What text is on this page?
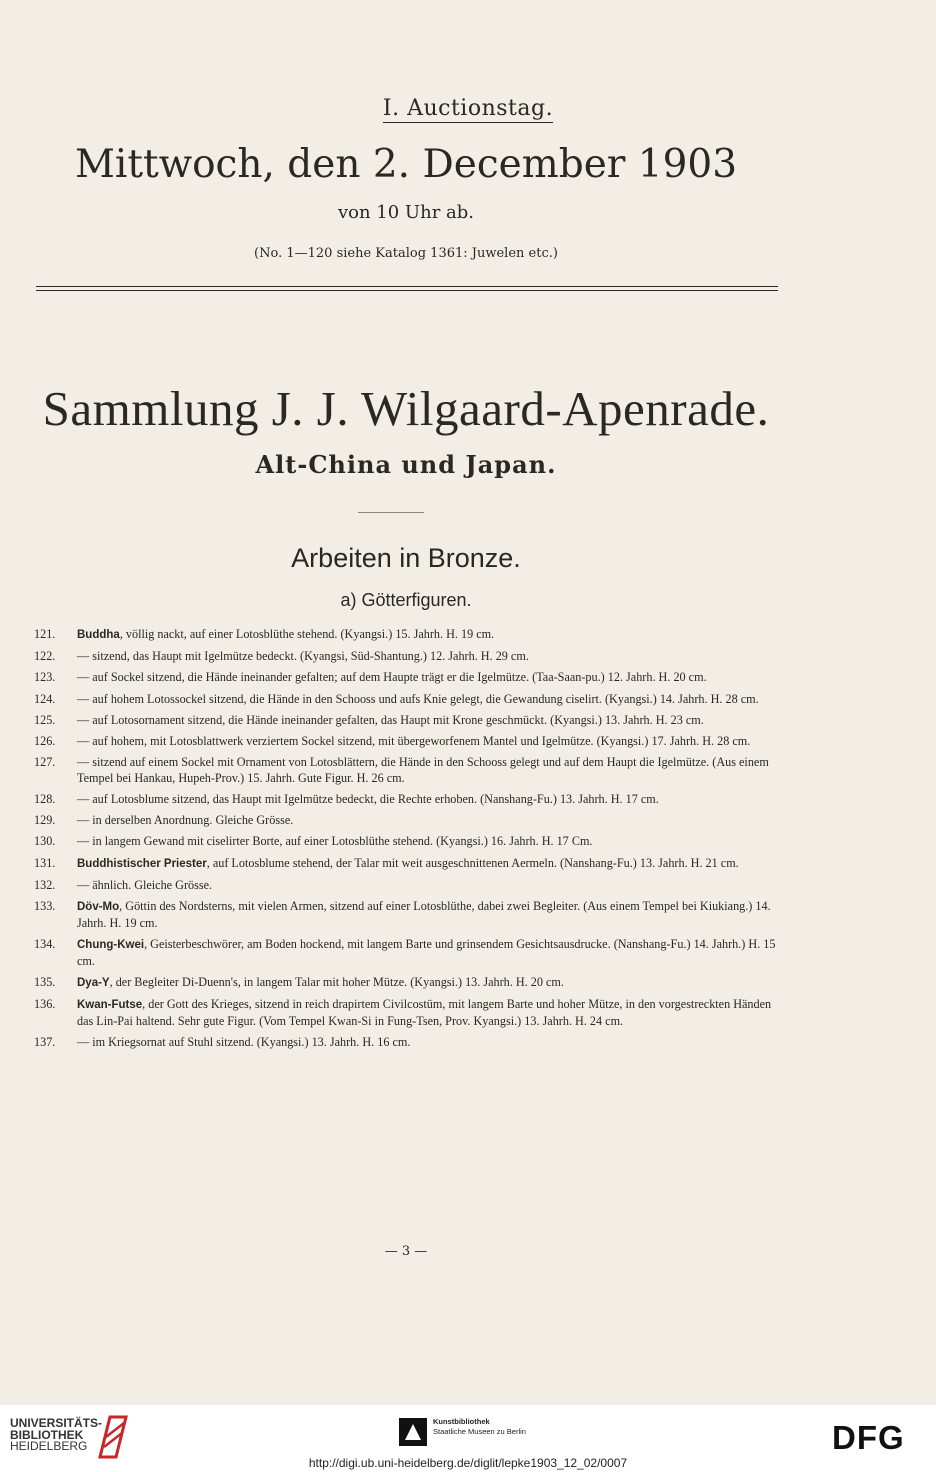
I. Auctionstag.
Mittwoch, den 2. December 1903
von 10 Uhr ab.
(No. 1—120 siehe Katalog 1361: Juwelen etc.)
Sammlung J. J. Wilgaard-Apenrade.
Alt-China und Japan.
Arbeiten in Bronze.
a) Götterfiguren.
121. Buddha, völlig nackt, auf einer Lotosblüthe stehend. (Kyangsi.) 15. Jahrh. H. 19 cm.
122. — sitzend, das Haupt mit Igelmütze bedeckt. (Kyangsi, Süd-Shantung.) 12. Jahrh. H. 29 cm.
123. — auf Sockel sitzend, die Hände ineinander gefalten; auf dem Haupte trägt er die Igelmütze. (Taa-Saan-pu.) 12. Jahrh. H. 20 cm.
124. — auf hohem Lotossockel sitzend, die Hände in den Schooss und aufs Knie gelegt, die Gewandung ciselirt. (Kyangsi.) 14. Jahrh. H. 28 cm.
125. — auf Lotosornament sitzend, die Hände ineinander gefalten, das Haupt mit Krone geschmückt. (Kyangsi.) 13. Jahrh. H. 23 cm.
126. — auf hohem, mit Lotosblattwerk verziertem Sockel sitzend, mit übergeworfenem Mantel und Igelmütze. (Kyangsi.) 17. Jahrh. H. 28 cm.
127. — sitzend auf einem Sockel mit Ornament von Lotosblättern, die Hände in den Schooss gelegt und auf dem Haupt die Igelmütze. (Aus einem Tempel bei Hankau, Hupeh-Prov.) 15. Jahrh. Gute Figur. H. 26 cm.
128. — auf Lotosblume sitzend, das Haupt mit Igelmütze bedeckt, die Rechte erhoben. (Nanshang-Fu.) 13. Jahrh. H. 17 cm.
129. — in derselben Anordnung. Gleiche Grösse.
130. — in langem Gewand mit ciselirter Borte, auf einer Lotosblüthe stehend. (Kyangsi.) 16. Jahrh. H. 17 Cm.
131. Buddhistischer Priester, auf Lotosblume stehend, der Talar mit weit ausgeschnittenen Aermeln. (Nanshang-Fu.) 13. Jahrh. H. 21 cm.
132. — ähnlich. Gleiche Grösse.
133. Döv-Mo, Göttin des Nordsterns, mit vielen Armen, sitzend auf einer Lotosblüthe, dabei zwei Begleiter. (Aus einem Tempel bei Kiukiang.) 14. Jahrh. H. 19 cm.
134. Chung-Kwei, Geisterbeschwörer, am Boden hockend, mit langem Barte und grinsendem Gesichtsausdrucke. (Nanshang-Fu.) 14. Jahrh.) H. 15 cm.
135. Dya-Y, der Begleiter Di-Duenn's, in langem Talar mit hoher Mütze. (Kyangsi.) 13. Jahrh. H. 20 cm.
136. Kwan-Futse, der Gott des Krieges, sitzend in reich drapirtem Civilcostüm, mit langem Barte und hoher Mütze, in den vorgestreckten Händen das Lin-Pai haltend. Sehr gute Figur. (Vom Tempel Kwan-Si in Fung-Tsen, Prov. Kyangsi.) 13. Jahrh. H. 24 cm.
137. — im Kriegsornat auf Stuhl sitzend. (Kyangsi.) 13. Jahrh. H. 16 cm.
— 3 —
UNIVERSITÄTS-
BIBLIOTHEK
HEIDELBERG
Kunstbibliothek
Staatliche Museen zu Berlin	DFG
http://digi.ub.uni-heidelberg.de/diglit/lepke1903_12_02/0007
